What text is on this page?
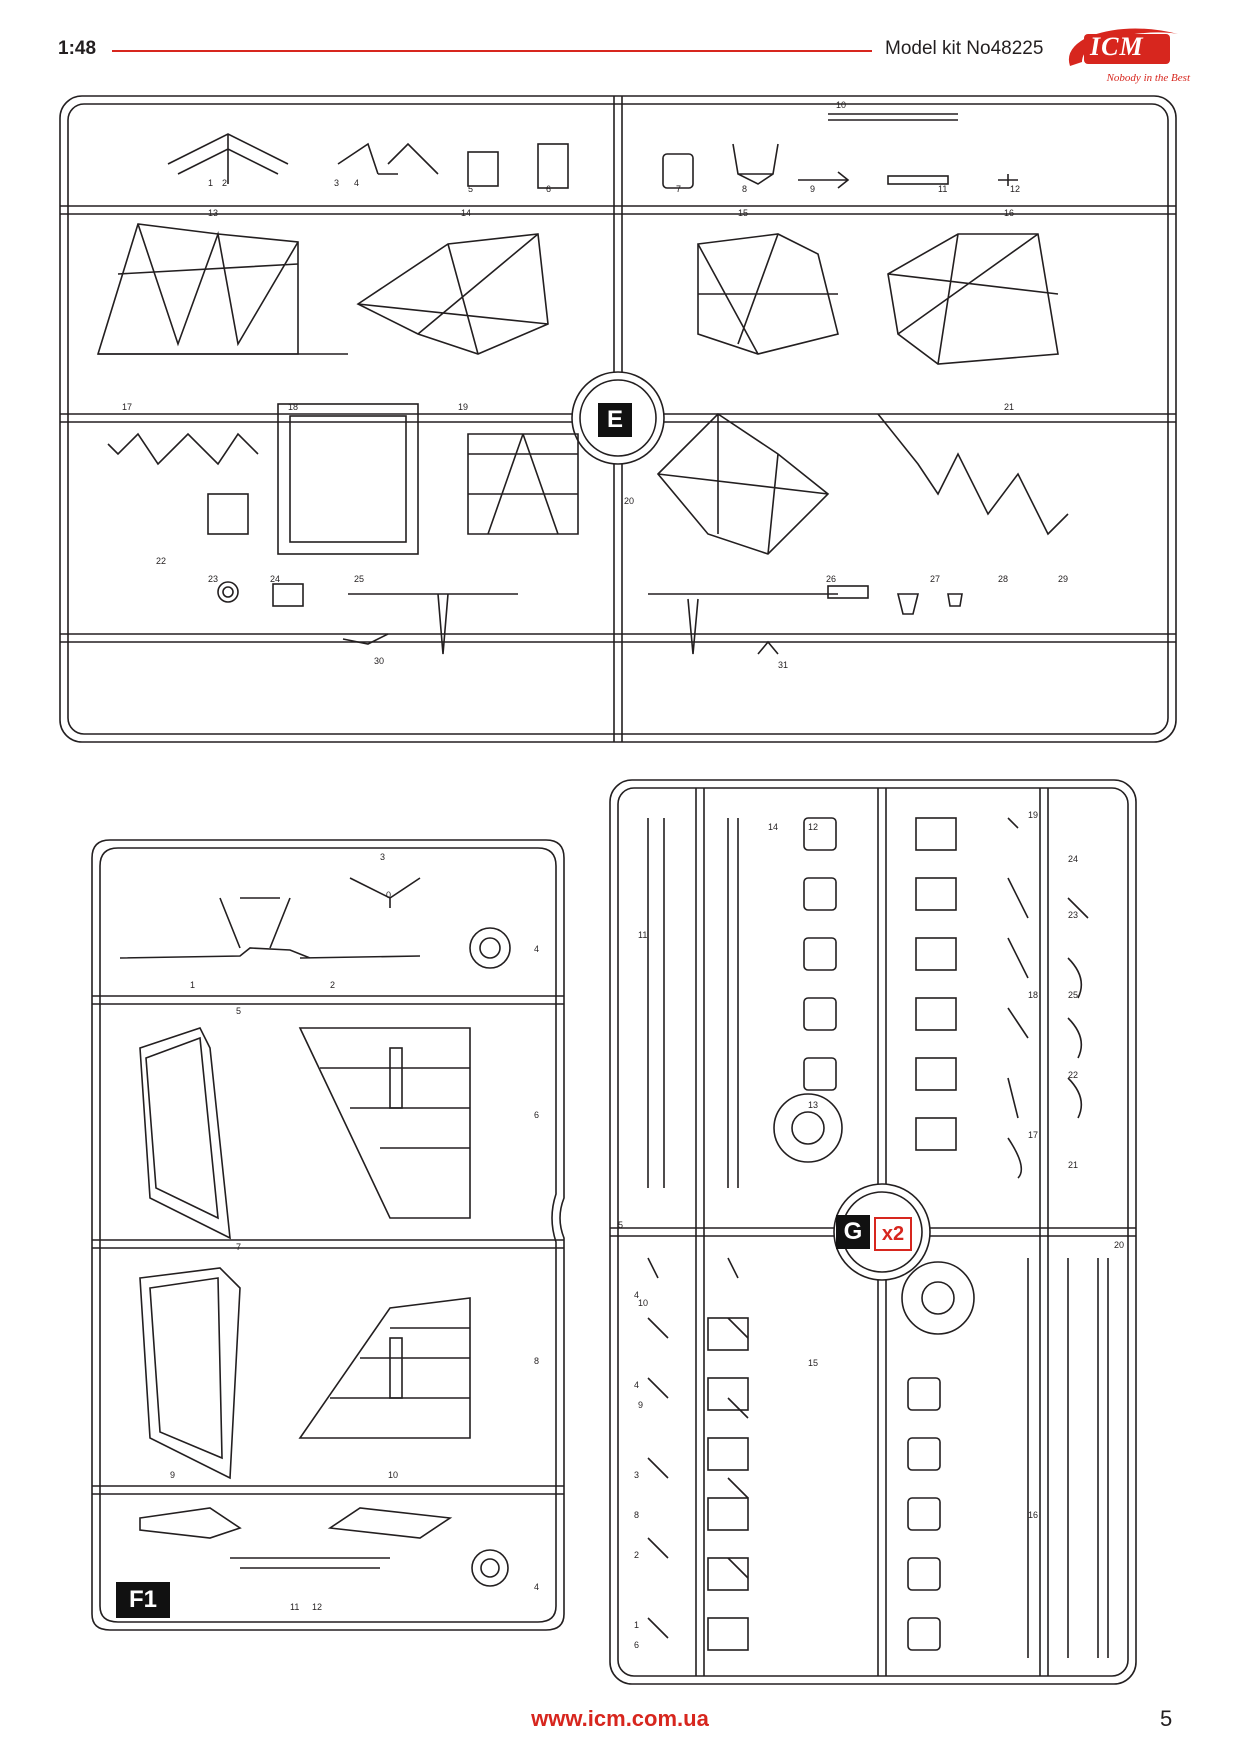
1:48	Model kit No48225 ICM
Nobody in the Best
1 2	3 4
5	6	7	8	9
10
11	12
13	14	15	16
17	18	19
20
21
22
23	24	25	26	27	28	29
30	31
E
1	2
3
4
5
6
7
8
9	10
11 12
4
0
F1
1
2
3
4
4
5
6
8
9
10
11
12
13
14
15
16
17
18
19
20
21
22
23
24
25
G x2
www.icm.com.ua	5
